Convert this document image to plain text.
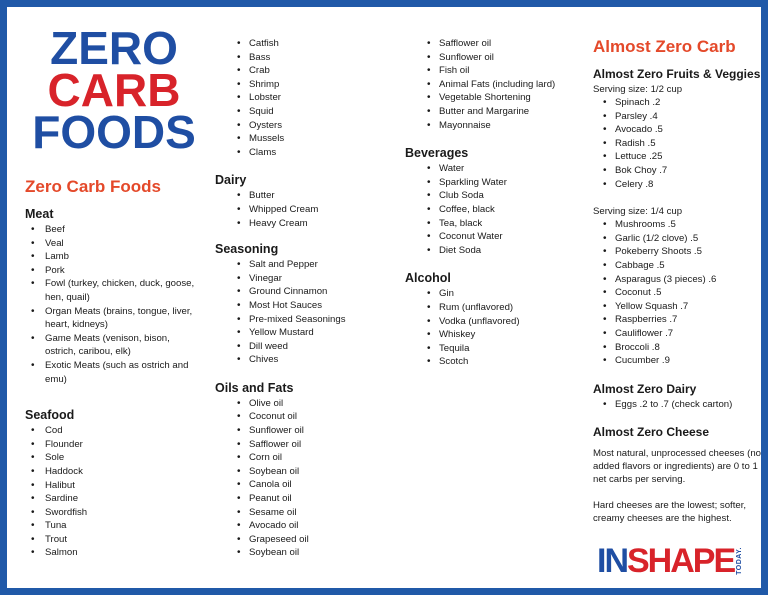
ZERO
CARB
FOODS
Zero Carb Foods
Meat
• Beef
• Veal
• Lamb
• Pork
• Fowl (turkey, chicken, duck, goose, hen, quail)
• Organ Meats (brains, tongue, liver, heart, kidneys)
• Game Meats (venison, bison, ostrich, caribou, elk)
• Exotic Meats (such as ostrich and emu)
Seafood
• Cod
• Flounder
• Sole
• Haddock
• Halibut
• Sardine
• Swordfish
• Tuna
• Trout
• Salmon
• Catfish
• Bass
• Crab
• Shrimp
• Lobster
• Squid
• Oysters
• Mussels
• Clams
Dairy
• Butter
• Whipped Cream
• Heavy Cream
Seasoning
• Salt and Pepper
• Vinegar
• Ground Cinnamon
• Most Hot Sauces
• Pre-mixed Seasonings
• Yellow Mustard
• Dill weed
• Chives
Oils and Fats
• Olive oil
• Coconut oil
• Sunflower oil
• Safflower oil
• Corn oil
• Soybean oil
• Canola oil
• Peanut oil
• Sesame oil
• Avocado oil
• Grapeseed oil
• Soybean oil
• Safflower oil
• Sunflower oil
• Fish oil
• Animal Fats (including lard)
• Vegetable Shortening
• Butter and Margarine
• Mayonnaise
Beverages
• Water
• Sparkling Water
• Club Soda
• Coffee, black
• Tea, black
• Coconut Water
• Diet Soda
Alcohol
• Gin
• Rum (unflavored)
• Vodka (unflavored)
• Whiskey
• Tequila
• Scotch
Almost Zero Carb
Almost Zero Fruits & Veggies
Serving size: 1/2 cup
• Spinach .2
• Parsley .4
• Avocado .5
• Radish .5
• Lettuce .25
• Bok Choy .7
• Celery .8
Serving size: 1/4 cup
• Mushrooms .5
• Garlic (1/2 clove) .5
• Pokeberry Shoots .5
• Cabbage .5
• Asparagus (3 pieces) .6
• Coconut .5
• Yellow Squash .7
• Raspberries .7
• Cauliflower .7
• Broccoli .8
• Cucumber .9
Almost Zero Dairy
• Eggs .2 to .7 (check carton)
Almost Zero Cheese
Most natural, unprocessed cheeses (no added flavors or ingredients) are 0 to 1 net carbs per serving.
Hard cheeses are the lowest; softer, creamy cheeses are the highest.
INSHAPE TODAY.
